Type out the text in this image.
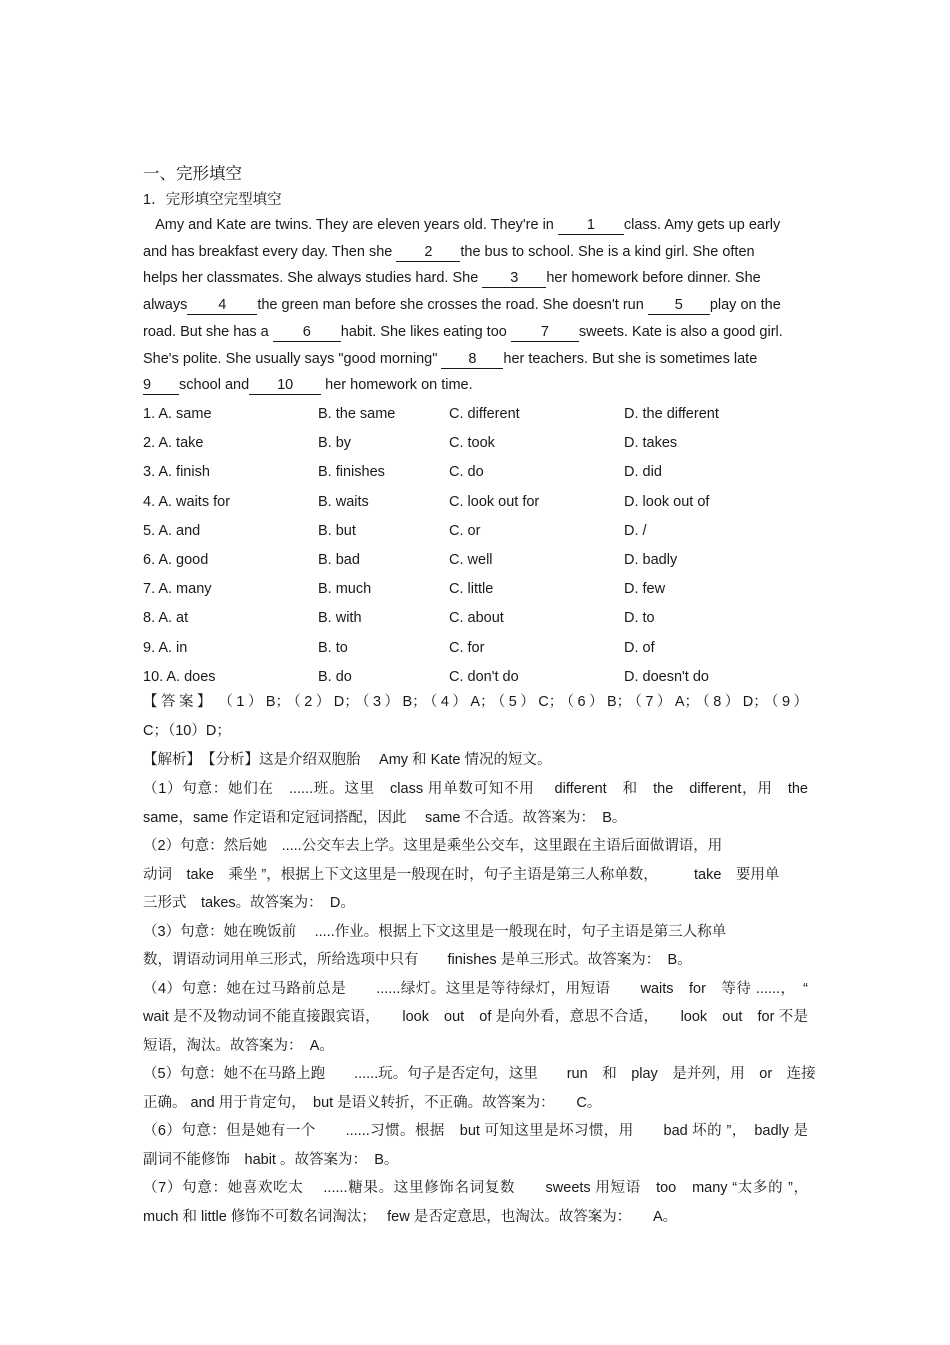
一、完形填空
1．完形填空完型填空
Amy and Kate are twins. They are eleven years old. They're in 1 class. Amy gets up early
and has breakfast every day. Then she 2 the bus to school. She is a kind girl. She often
helps her classmates. She always studies hard. She 3 her homework before dinner. She
always 4 the green man before she crosses the road. She doesn't run 5 play on the
road. But she has a 6 habit. She likes eating too 7 sweets. Kate is also a good girl.
She's polite. She usually says "good morning" 8 her teachers. But she is sometimes late
9 school and 10 her homework on time.
1. A. same	B. the same	C. different	D. the different
2. A. take	B. by	C. took	D. takes
3. A. finish	B. finishes	C. do	D. did
4. A. waits for	B. waits	C. look out for	D. look out of
5. A. and	B. but	C. or	D. /
6. A. good	B. bad	C. well	D. badly
7. A. many	B. much	C. little	D. few
8. A. at	B. with	C. about	D. to
9. A. in	B. to	C. for	D. of
10. A. does	B. do	C. don't do	D. doesn't do
【答案】　（1）B；（2）D；（3）B；（4）A；（5）C；（6）B；（7）A；（8）D；（9）
C；（10）D；
【解析】　【分析】这是介绍双胞胎　 Amy 和 Kate 情况的短文。
（1）句意：她们在　......班。这里　class 用单数可知不用　 different　和　the　different，用　the
same，same 作定语和定冠词搭配，因此　 same 不合适。故答案为：　B。
（2）句意：然后她　.....公交车去上学。这里是乘坐公交车，这里跟在主语后面做谓语，用
动词　take　乘坐 ”，根据上下文这里是一般现在时，句子主语是第三人称单数，　　　take　要用单
三形式　takes。故答案为：　D。
（3）句意：她在晚饭前　 .....作业。根据上下文这里是一般现在时，句子主语是第三人称单
数，谓语动词用单三形式，所给选项中只有　　finishes 是单三形式。故答案为：　B。
（4）句意：她在过马路前总是　　......绿灯。这里是等待绿灯，用短语　　waits　for　等待 ......，　“
wait 是不及物动词不能直接跟宾语，　　look　out　of 是向外看，意思不合适，　　look　out　for 不是
短语，淘汰。故答案为：　A。
（5）句意：她不在马路上跑　　......玩。句子是否定句，这里　　run　和　play　是并列，用　or　连接
正确。 and 用于肯定句，　but 是语义转折，不正确。故答案为：　　C。
（6）句意：但是她有一个　　......习惯。根据　but 可知这里是坏习惯，用　　bad 坏的 ”，　badly 是
副词不能修饰　habit 。故答案为：　B。
（7）句意：她喜欢吃太　 ......糖果。这里修饰名词复数　　sweets 用短语　too　many “太多的 ”，
much 和 little 修饰不可数名词淘汰；　 few 是否定意思，也淘汰。故答案为：　　A。
